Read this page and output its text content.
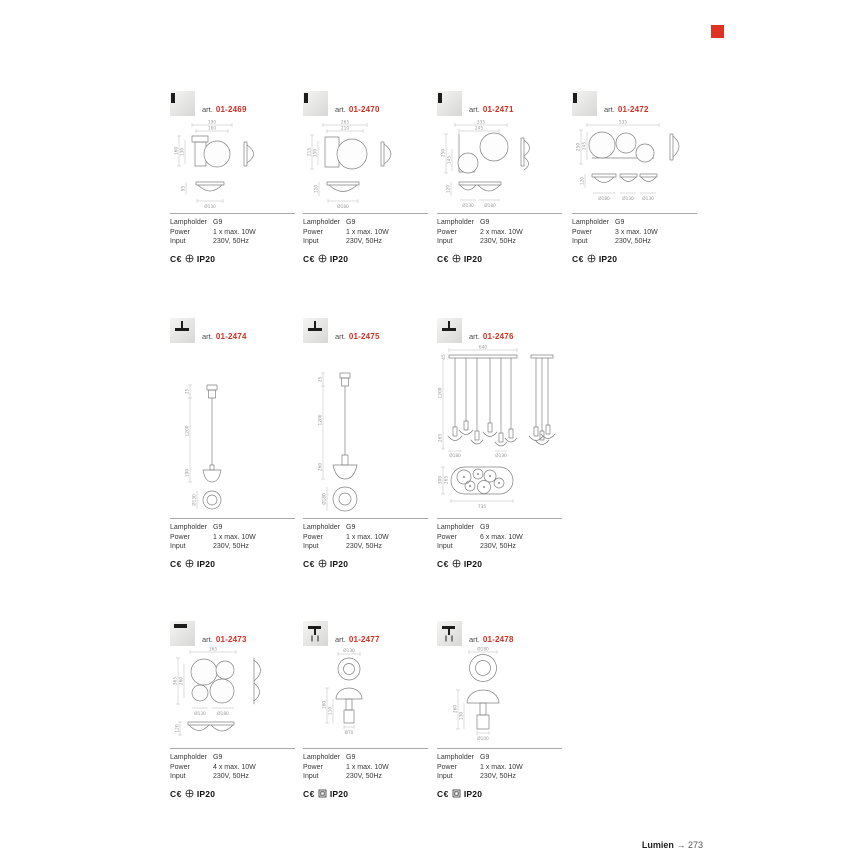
art. 01-2469
190
160
160 130
95
Ø130
Lampholder G9
Power	1 x max. 10W
Input	230V, 50Hz
C€ IP20
art. 01-2470
265
210
215 150
120
Ø180
Lampholder G9
Power	1 x max. 10W
Input	230V, 50Hz
C€ IP20
art. 01-2471
335
245
250
145
120
Ø130 Ø180
Lampholder G9
Power	2 x max. 10W
Input	230V, 50Hz
C€ IP20
art. 01-2472
535
250 145
120
Ø180	Ø130 Ø130
Lampholder G9
Power	3 x max. 10W
Input	230V, 50Hz
C€ IP20
art. 01-2474
25
1200
190
Ø130
Lampholder G9
Power	1 x max. 10W
Input	230V, 50Hz
C€ IP20
art. 01-2475
25
1200
260
Ø180
Lampholder G9
Power	1 x max. 10W
Input	230V, 50Hz
C€ IP20
art. 01-2476
640
45
1200
265
Ø180	Ø130
300 265
735
Lampholder G9
Power	6 x max. 10W
Input	230V, 50Hz
C€ IP20
art. 01-2473
365
365 260
Ø130	Ø180
120
Lampholder G9
Power	4 x max. 10W
Input	230V, 50Hz
C€ IP20
art. 01-2477
Ø130
160
110
Ø70
Lampholder G9
Power	1 x max. 10W
Input	230V, 50Hz
C€ IP20
art. 01-2478
Ø180
260
130
Ø100
Lampholder G9
Power	1 x max. 10W
Input	230V, 50Hz
C€ IP20
Lumien → 273
